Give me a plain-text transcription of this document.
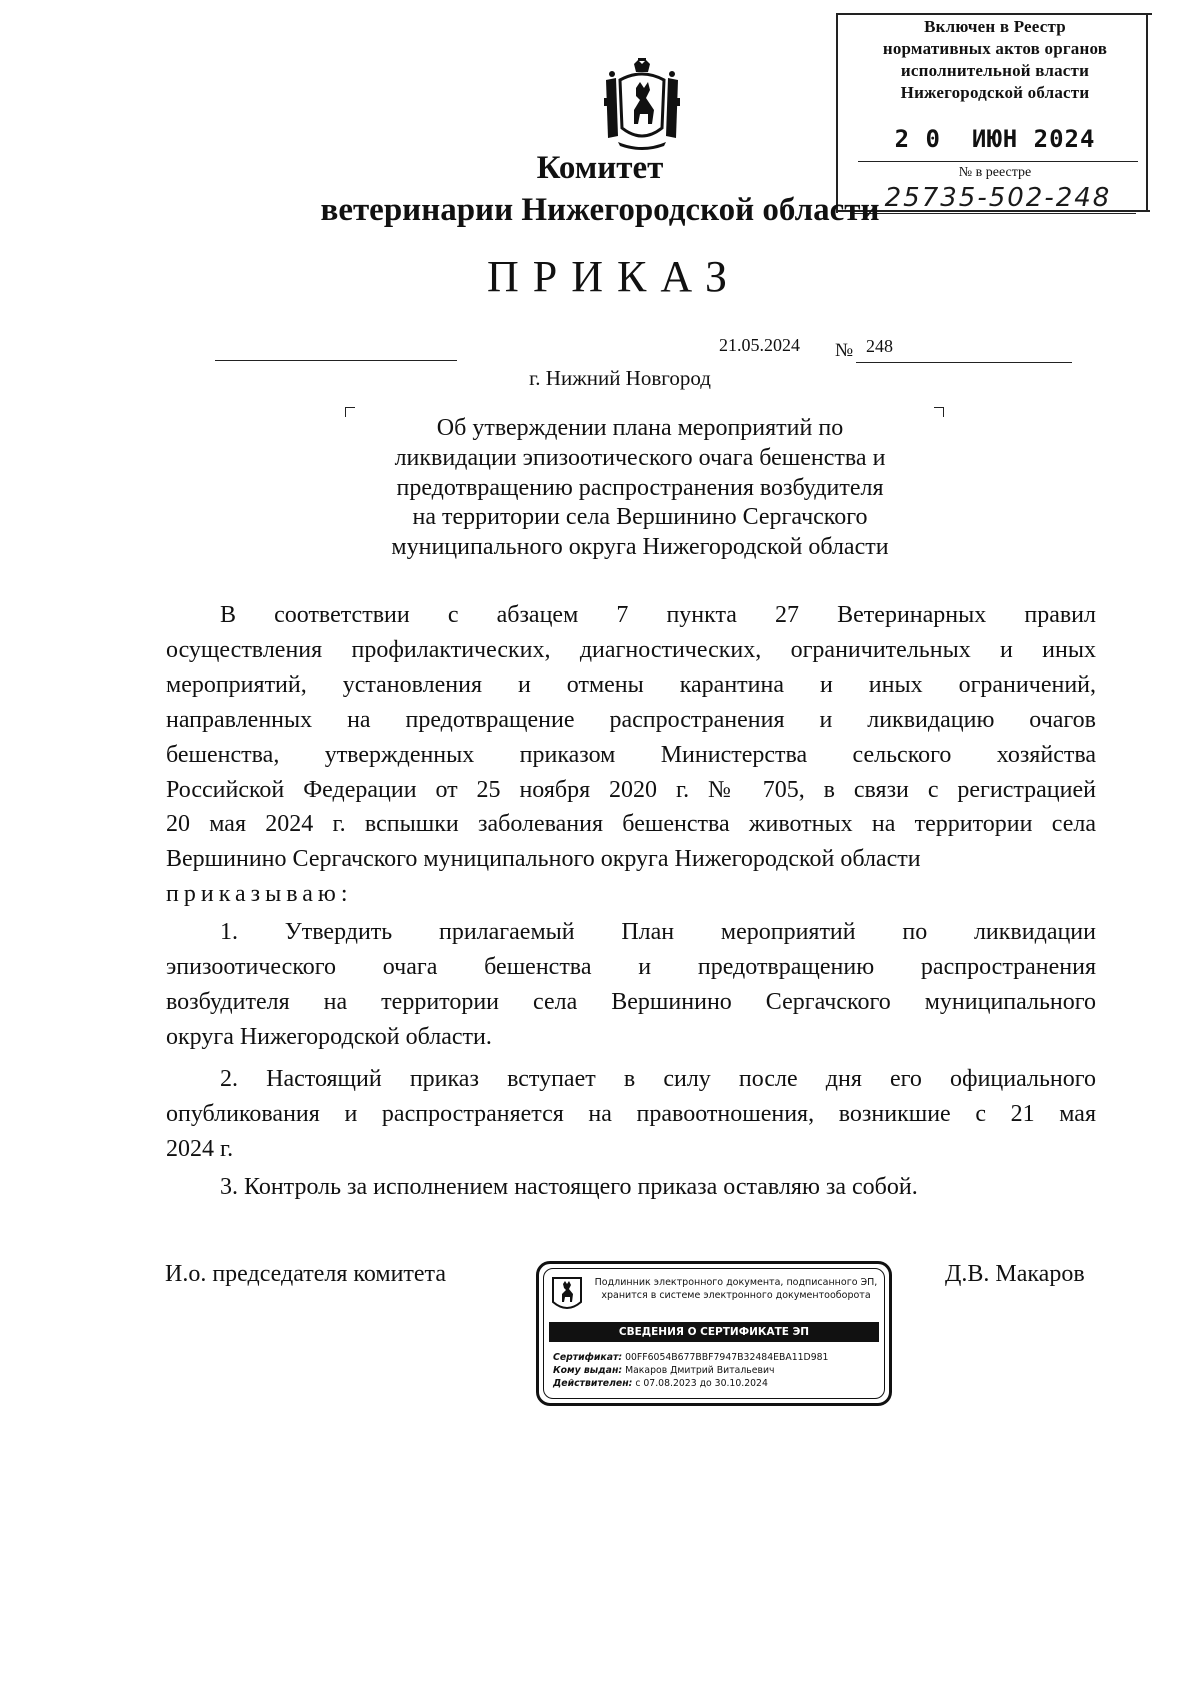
Включен в Реестр
нормативных актов органов
исполнительной власти
Нижегородской области
2 0  ИЮН 2024
№ в реестре
25735-502-248
Комитет
ветеринарии Нижегородской области
ПРИКАЗ
21.05.2024 № 248
г. Нижний Новгород
Об утверждении плана мероприятий по
ликвидации эпизоотического очага бешенства и
предотвращению распространения возбудителя
на территории села Вершинино Сергачского
муниципального округа Нижегородской области
В соответствии с абзацем 7 пункта 27 Ветеринарных правил
осуществления профилактических, диагностических, ограничительных и иных
мероприятий, установления и отмены карантина и иных ограничений,
направленных на предотвращение распространения и ликвидацию очагов
бешенства, утвержденных приказом Министерства сельского хозяйства
Российской Федерации от 25 ноября 2020 г. № 705, в связи с регистрацией
20 мая 2024 г. вспышки заболевания бешенства животных на территории села
Вершинино Сергачского муниципального округа Нижегородской области
приказываю:
1. Утвердить прилагаемый План мероприятий по ликвидации
эпизоотического очага бешенства и предотвращению распространения
возбудителя на территории села Вершинино Сергачского муниципального
округа Нижегородской области.
2. Настоящий приказ вступает в силу после дня его официального
опубликования и распространяется на правоотношения, возникшие с 21 мая
2024 г.
3. Контроль за исполнением настоящего приказа оставляю за собой.
И.о. председателя комитета	Д.В. Макаров
Подлинник электронного документа, подписанного ЭП,
хранится в системе электронного документооборота
СВЕДЕНИЯ О СЕРТИФИКАТЕ ЭП
Сертификат: 00FF6054B677BBF7947B32484EBA11D981
Кому выдан: Макаров Дмитрий Витальевич
Действителен: с 07.08.2023 до 30.10.2024
